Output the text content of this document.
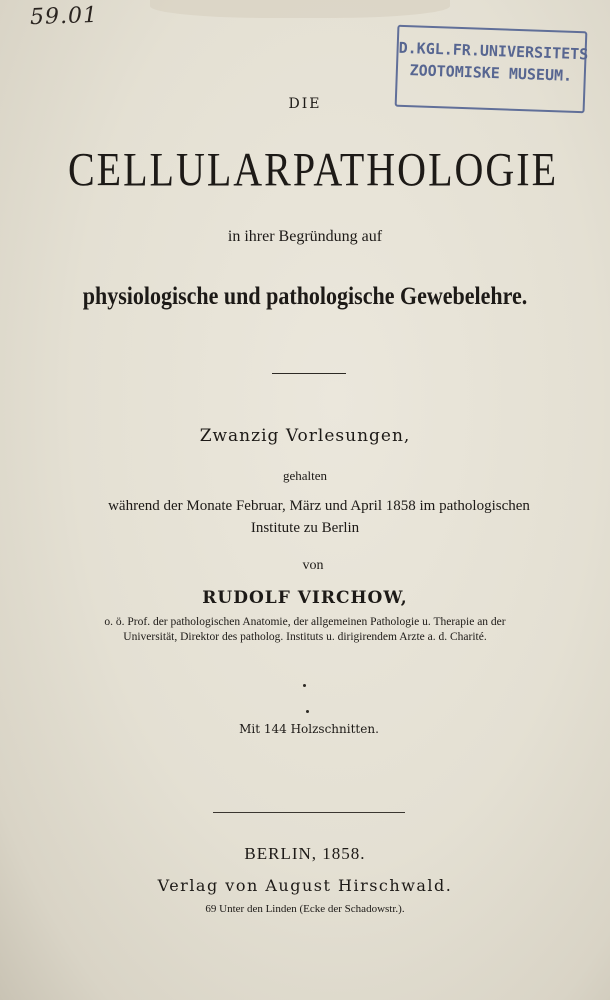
59.01
D.KGL.FR.UNIVERSITETS
ZOOTOMISKE MUSEUM.
DIE
CELLULARPATHOLOGIE
in ihrer Begründung auf
physiologische und pathologische Gewebelehre.
Zwanzig Vorlesungen,
gehalten
während der Monate Februar, März und April 1858 im pathologischen
Institute zu Berlin
von
RUDOLF VIRCHOW,
o. ö. Prof. der pathologischen Anatomie, der allgemeinen Pathologie u. Therapie an der
Universität, Direktor des patholog. Instituts u. dirigirendem Arzte a. d. Charité.
Mit 144 Holzschnitten.
BERLIN, 1858.
Verlag von August Hirschwald.
69 Unter den Linden (Ecke der Schadowstr.).
